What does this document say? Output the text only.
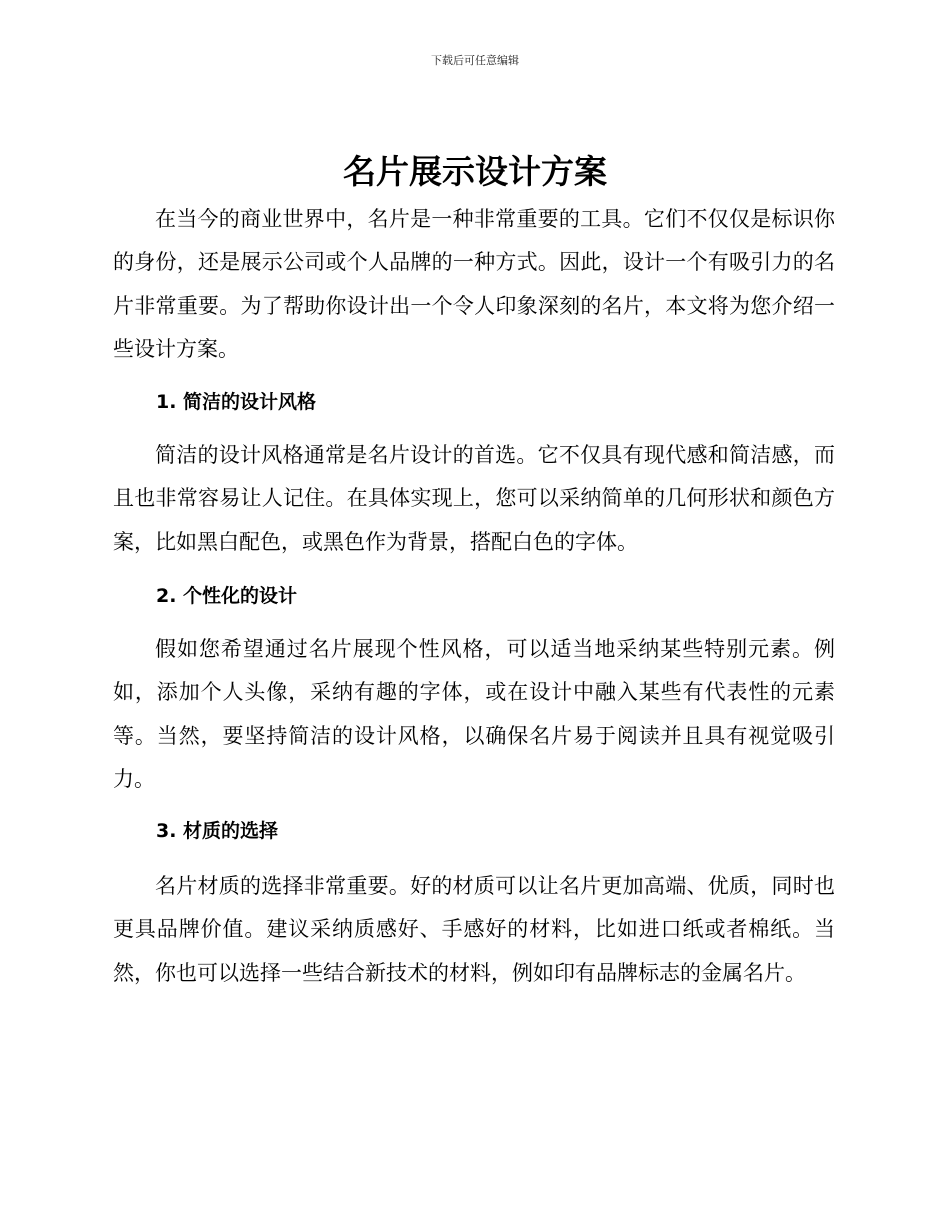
下载后可任意编辑
名片展示设计方案

在当今的商业世界中，名片是一种非常重要的工具。它们不仅仅是标识你的身份，还是展示公司或个人品牌的一种方式。因此，设计一个有吸引力的名片非常重要。为了帮助你设计出一个令人印象深刻的名片，本文将为您介绍一些设计方案。

1. 简洁的设计风格

简洁的设计风格通常是名片设计的首选。它不仅具有现代感和简洁感，而且也非常容易让人记住。在具体实现上，您可以采纳简单的几何形状和颜色方案，比如黑白配色，或黑色作为背景，搭配白色的字体。

2. 个性化的设计

假如您希望通过名片展现个性风格，可以适当地采纳某些特别元素。例如，添加个人头像，采纳有趣的字体，或在设计中融入某些有代表性的元素等。当然，要坚持简洁的设计风格，以确保名片易于阅读并且具有视觉吸引力。

3. 材质的选择

名片材质的选择非常重要。好的材质可以让名片更加高端、优质，同时也更具品牌价值。建议采纳质感好、手感好的材料，比如进口纸或者棉纸。当然，你也可以选择一些结合新技术的材料，例如印有品牌标志的金属名片。
